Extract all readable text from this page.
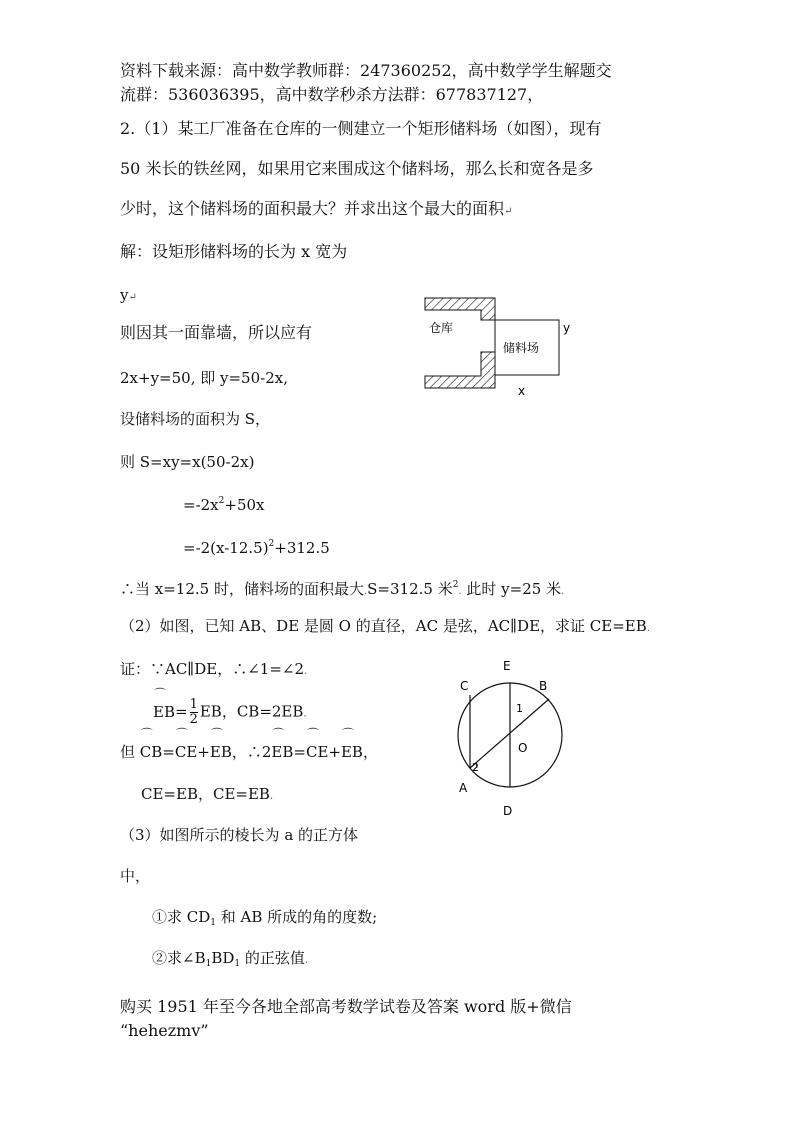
资料下载来源：高中数学教师群：247360252，高中数学学生解题交
流群：536036395，高中数学秒杀方法群：677837127，
2.（1）某工厂准备在仓库的一侧建立一个矩形储料场（如图），现有
50 米长的铁丝网，如果用它来围成这个储料场，那么长和宽各是多
少时，这个储料场的面积最大？并求出这个最大的面积↵
解：设矩形储料场的长为 x 宽为
y↵
则因其一面靠墙，所以应有
2x+y=50, 即 y=50-2x,
设储料场的面积为 S，
则 S=xy=x(50-2x)
$=-2x^2+50x$
$=-2(x-12.5)^2+312.5$
∴当 x=12.5 时，储料场的面积最大.S=312.5 米$^2$. 此时 y=25 米.
仓库
储料场
y
x
（2）如图，已知 AB、DE 是圆 O 的直径，AC 是弦，AC∥DE，求证 CE=EB.
证：∵AC∥DE，∴∠1=∠2.
⌒ $EB= \frac{1}{2}$ EB，CB=2EB.
但 ⌒ CB=⌒ CE+⌒ EB，∴2⌒ EB=⌒ CE+⌒ EB，
CE=EB，CE=EB.
E
C	B
1
O
2
A
D
（3）如图所示的棱长为 a 的正方体
中，
①求 $CD_1$ 和 AB 所成的角的度数;
②求$\angle B_1BD_1$ 的正弦值.
购买 1951 年至今各地全部高考数学试卷及答案 word 版+微信
“hehezmv”
